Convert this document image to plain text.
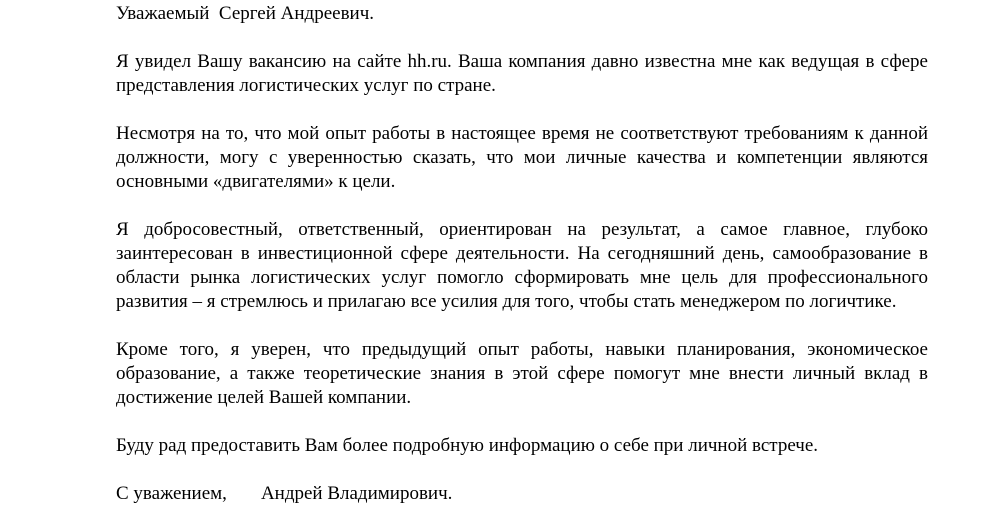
Уважаемый  Сергей Андреевич.

Я увидел Вашу вакансию на сайте hh.ru. Ваша компания давно известна мне как ведущая в сфере представления логистических услуг по стране.

Несмотря на то, что мой опыт работы в настоящее время не соответствуют требованиям к данной должности, могу с уверенностью сказать, что мои личные качества и компетенции являются основными «двигателями» к цели.

Я добросовестный, ответственный, ориентирован на результат, а самое главное, глубоко заинтересован в инвестиционной сфере деятельности. На сегодняшний день, самообразование в области рынка логистических услуг помогло сформировать мне цель для профессионального развития – я стремлюсь и прилагаю все усилия для того, чтобы стать менеджером по логичтике.

Кроме того, я уверен, что предыдущий опыт работы, навыки планирования, экономическое образование, а также теоретические знания в этой сфере помогут мне внести личный вклад в достижение целей Вашей компании.

Буду рад предоставить Вам более подробную информацию о себе при личной встрече.

С уважением, Андрей Владимирович.
